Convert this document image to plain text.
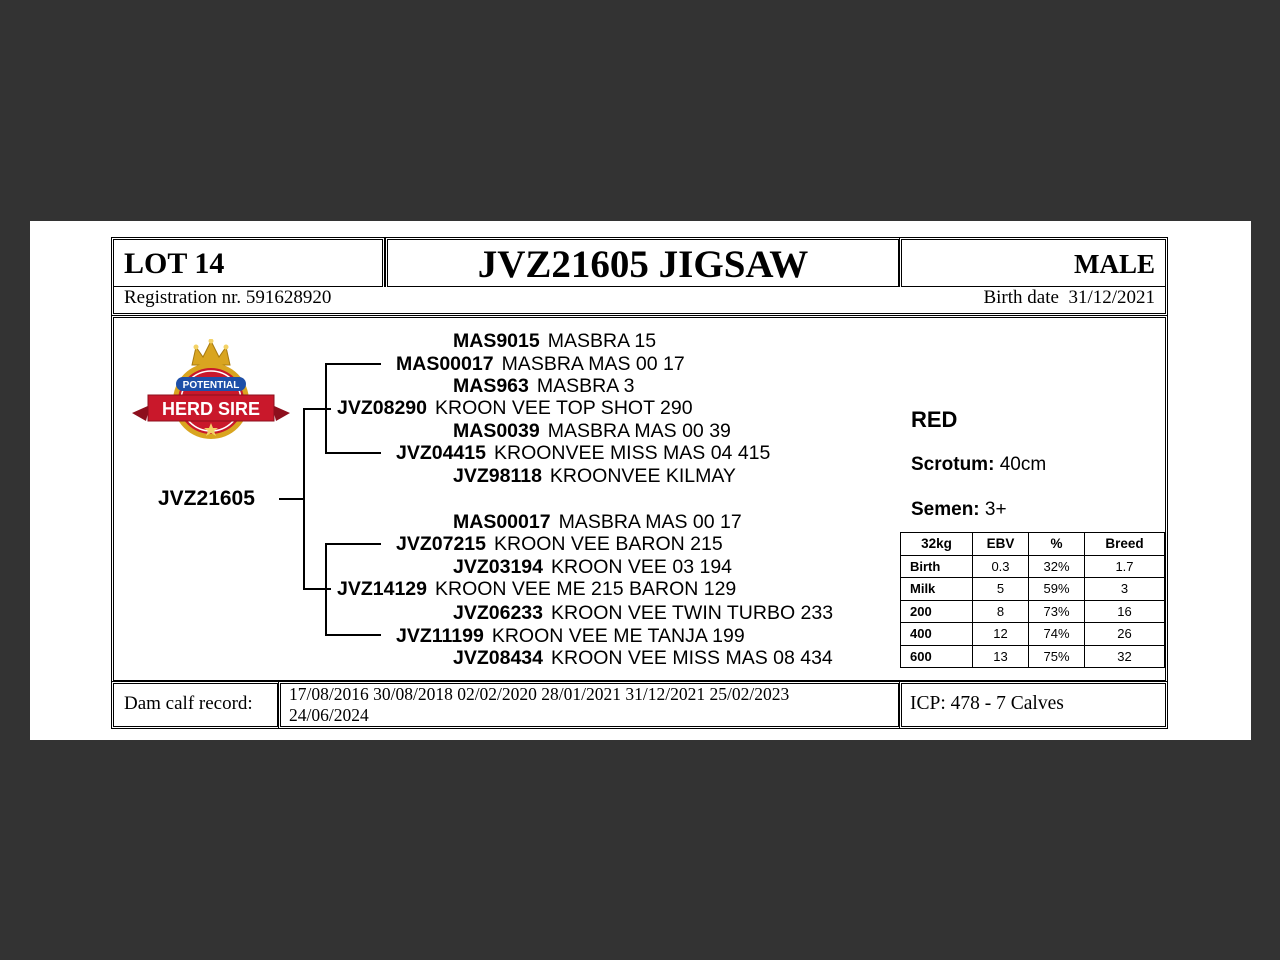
LOT 14	JVZ21605 JIGSAW	MALE
Registration nr. 591628920	Birth date 31/12/2021
POTENTIAL
HERD SIRE
JVZ21605
MAS9015 MASBRA 15
MAS00017 MASBRA MAS 00 17
MAS963 MASBRA 3
JVZ08290 KROON VEE TOP SHOT 290
MAS0039 MASBRA MAS 00 39
JVZ04415 KROONVEE MISS MAS 04 415
JVZ98118 KROONVEE KILMAY
MAS00017 MASBRA MAS 00 17
JVZ07215 KROON VEE BARON 215
JVZ03194 KROON VEE 03 194
JVZ14129 KROON VEE ME 215 BARON 129
JVZ06233 KROON VEE TWIN TURBO 233
JVZ11199 KROON VEE ME TANJA 199
JVZ08434 KROON VEE MISS MAS 08 434
RED
Scrotum: 40cm
Semen: 3+
32kg	EBV	%	Breed
Birth	0.3	32%	1.7
Milk	5	59%	3
200	8	73%	16
400	12	74%	26
600	13	75%	32
Dam calf record: 17/08/2016 30/08/2018 02/02/2020 28/01/2021 31/12/2021 25/02/2023
24/06/2024
ICP: 478 - 7 Calves
